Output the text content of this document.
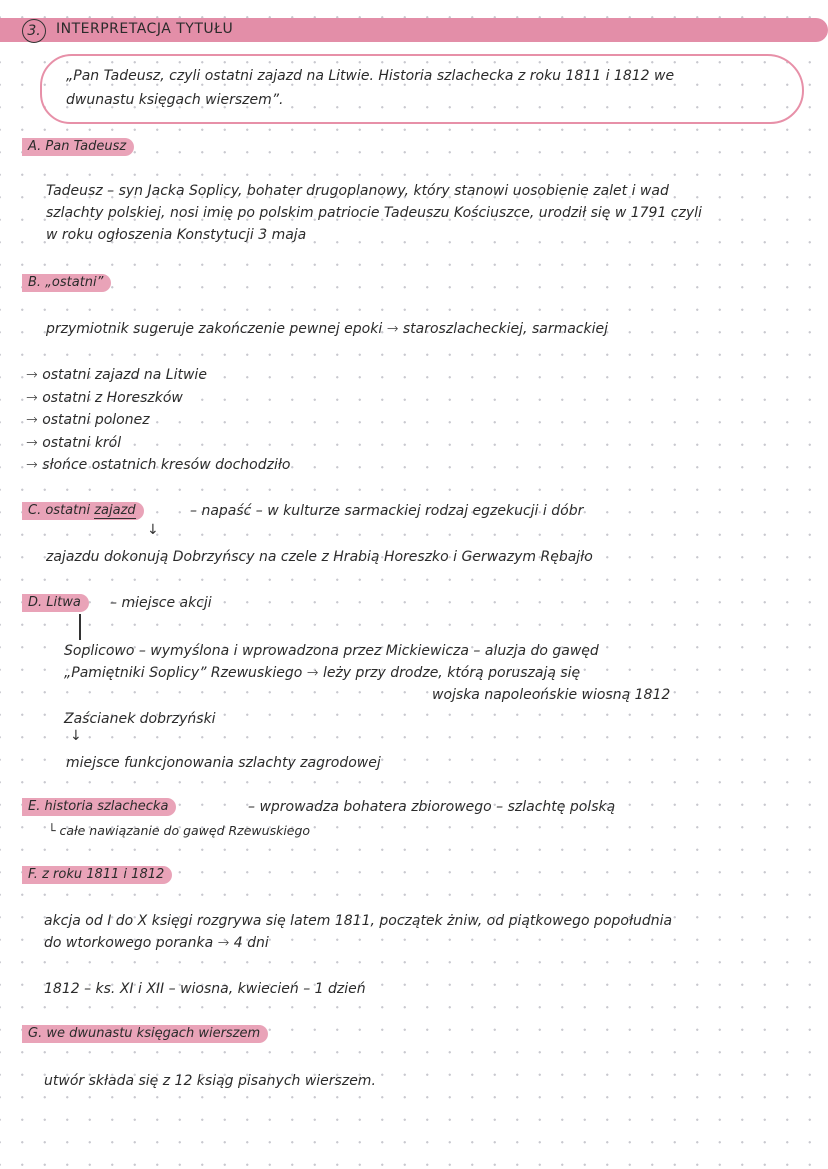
3.	INTERPRETACJA TYTUŁU
„Pan Tadeusz, czyli ostatni zajazd na Litwie. Historia szlachecka z roku 1811 i 1812 we
dwunastu księgach wierszem”.
A. Pan Tadeusz
Tadeusz – syn Jacka Soplicy, bohater drugoplanowy, który stanowi uosobienie zalet i wad
szlachty polskiej, nosi imię po polskim patriocie Tadeuszu Kościuszce, urodził się w 1791 czyli
w roku ogłoszenia Konstytucji 3 maja
B. „ostatni”
przymiotnik sugeruje zakończenie pewnej epoki → staroszlacheckiej, sarmackiej
→ ostatni zajazd na Litwie
→ ostatni z Horeszków
→ ostatni polonez
→ ostatni król
→ słońce ostatnich kresów dochodziło
C. ostatni zajazd	– napaść – w kulturze sarmackiej rodzaj egzekucji i dóbr
↓
zajazdu dokonują Dobrzyńscy na czele z Hrabią Horeszko i Gerwazym Rębajło
D. Litwa	– miejsce akcji
Soplicowo – wymyślona i wprowadzona przez Mickiewicza – aluzja do gawęd
„Pamiętniki Soplicy” Rzewuskiego → leży przy drodze, którą poruszają się
wojska napoleońskie wiosną 1812
Zaścianek dobrzyński
↓
miejsce funkcjonowania szlachty zagrodowej
E. historia szlachecka	– wprowadza bohatera zbiorowego – szlachtę polską
└ całe nawiązanie do gawęd Rzewuskiego
F. z roku 1811 i 1812
akcja od I do X księgi rozgrywa się latem 1811, początek żniw, od piątkowego popołudnia
do wtorkowego poranka → 4 dni
1812 – ks. XI i XII – wiosna, kwiecień – 1 dzień
G. we dwunastu księgach wierszem
utwór składa się z 12 ksiąg pisanych wierszem.
